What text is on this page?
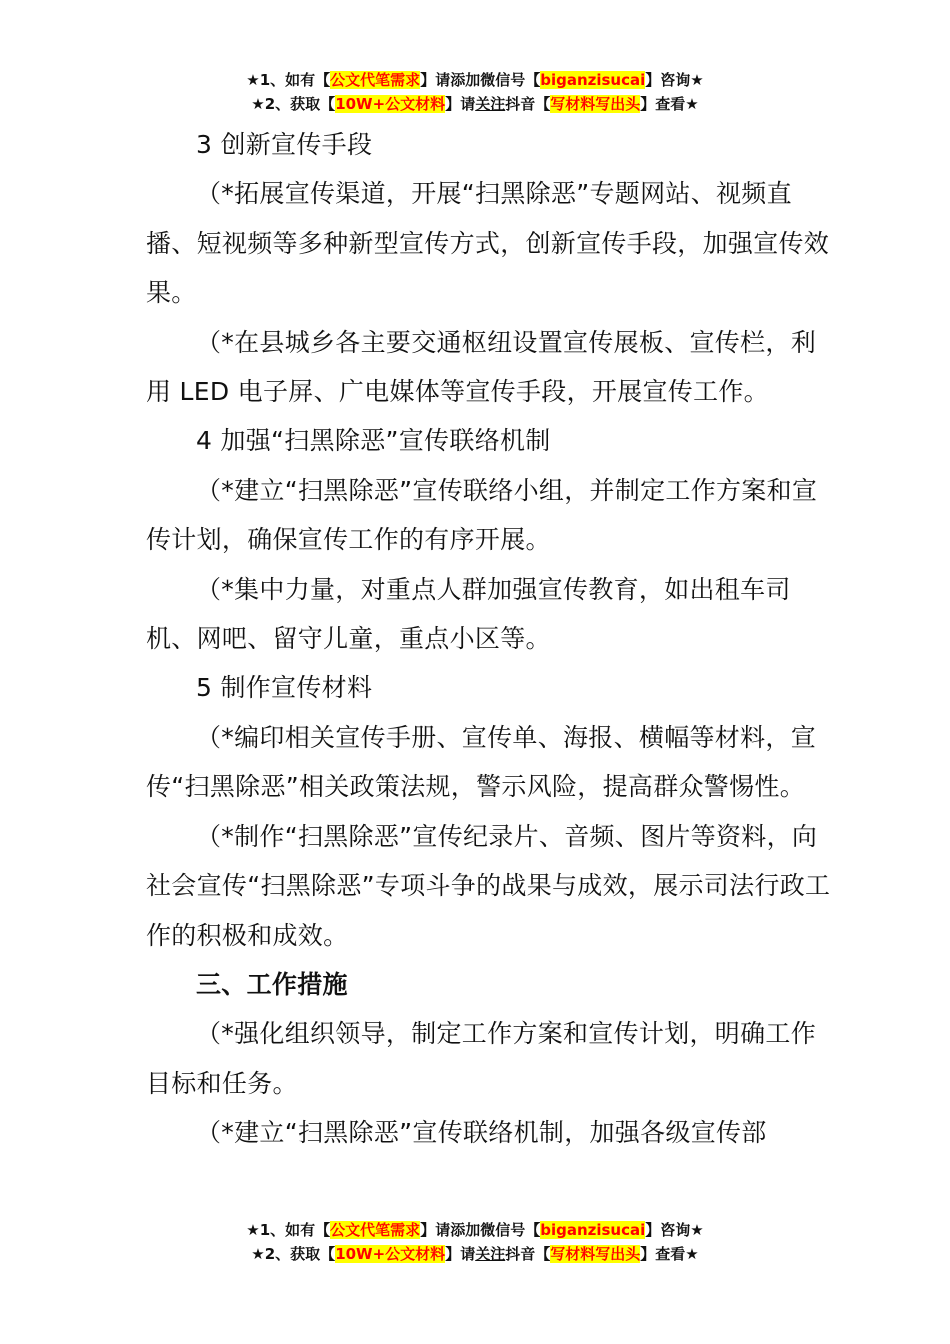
★1、如有【公文代笔需求】请添加微信号【biganzisucai】咨询★
★2、获取【10W+公文材料】请关注抖音【写材料写出头】查看★

3 创新宣传手段

（*拓展宣传渠道，开展“扫黑除恶”专题网站、视频直播、短视频等多种新型宣传方式，创新宣传手段，加强宣传效果。

（*在县城乡各主要交通枢纽设置宣传展板、宣传栏，利用 LED 电子屏、广电媒体等宣传手段，开展宣传工作。

4 加强“扫黑除恶”宣传联络机制

（*建立“扫黑除恶”宣传联络小组，并制定工作方案和宣传计划，确保宣传工作的有序开展。

（*集中力量，对重点人群加强宣传教育，如出租车司机、网吧、留守儿童，重点小区等。

5 制作宣传材料

（*编印相关宣传手册、宣传单、海报、横幅等材料，宣传“扫黑除恶”相关政策法规，警示风险，提高群众警惕性。

（*制作“扫黑除恶”宣传纪录片、音频、图片等资料，向社会宣传“扫黑除恶”专项斗争的战果与成效，展示司法行政工作的积极和成效。

三、工作措施

（*强化组织领导，制定工作方案和宣传计划，明确工作目标和任务。

（*建立“扫黑除恶”宣传联络机制，加强各级宣传部

★1、如有【公文代笔需求】请添加微信号【biganzisucai】咨询★
★2、获取【10W+公文材料】请关注抖音【写材料写出头】查看★
